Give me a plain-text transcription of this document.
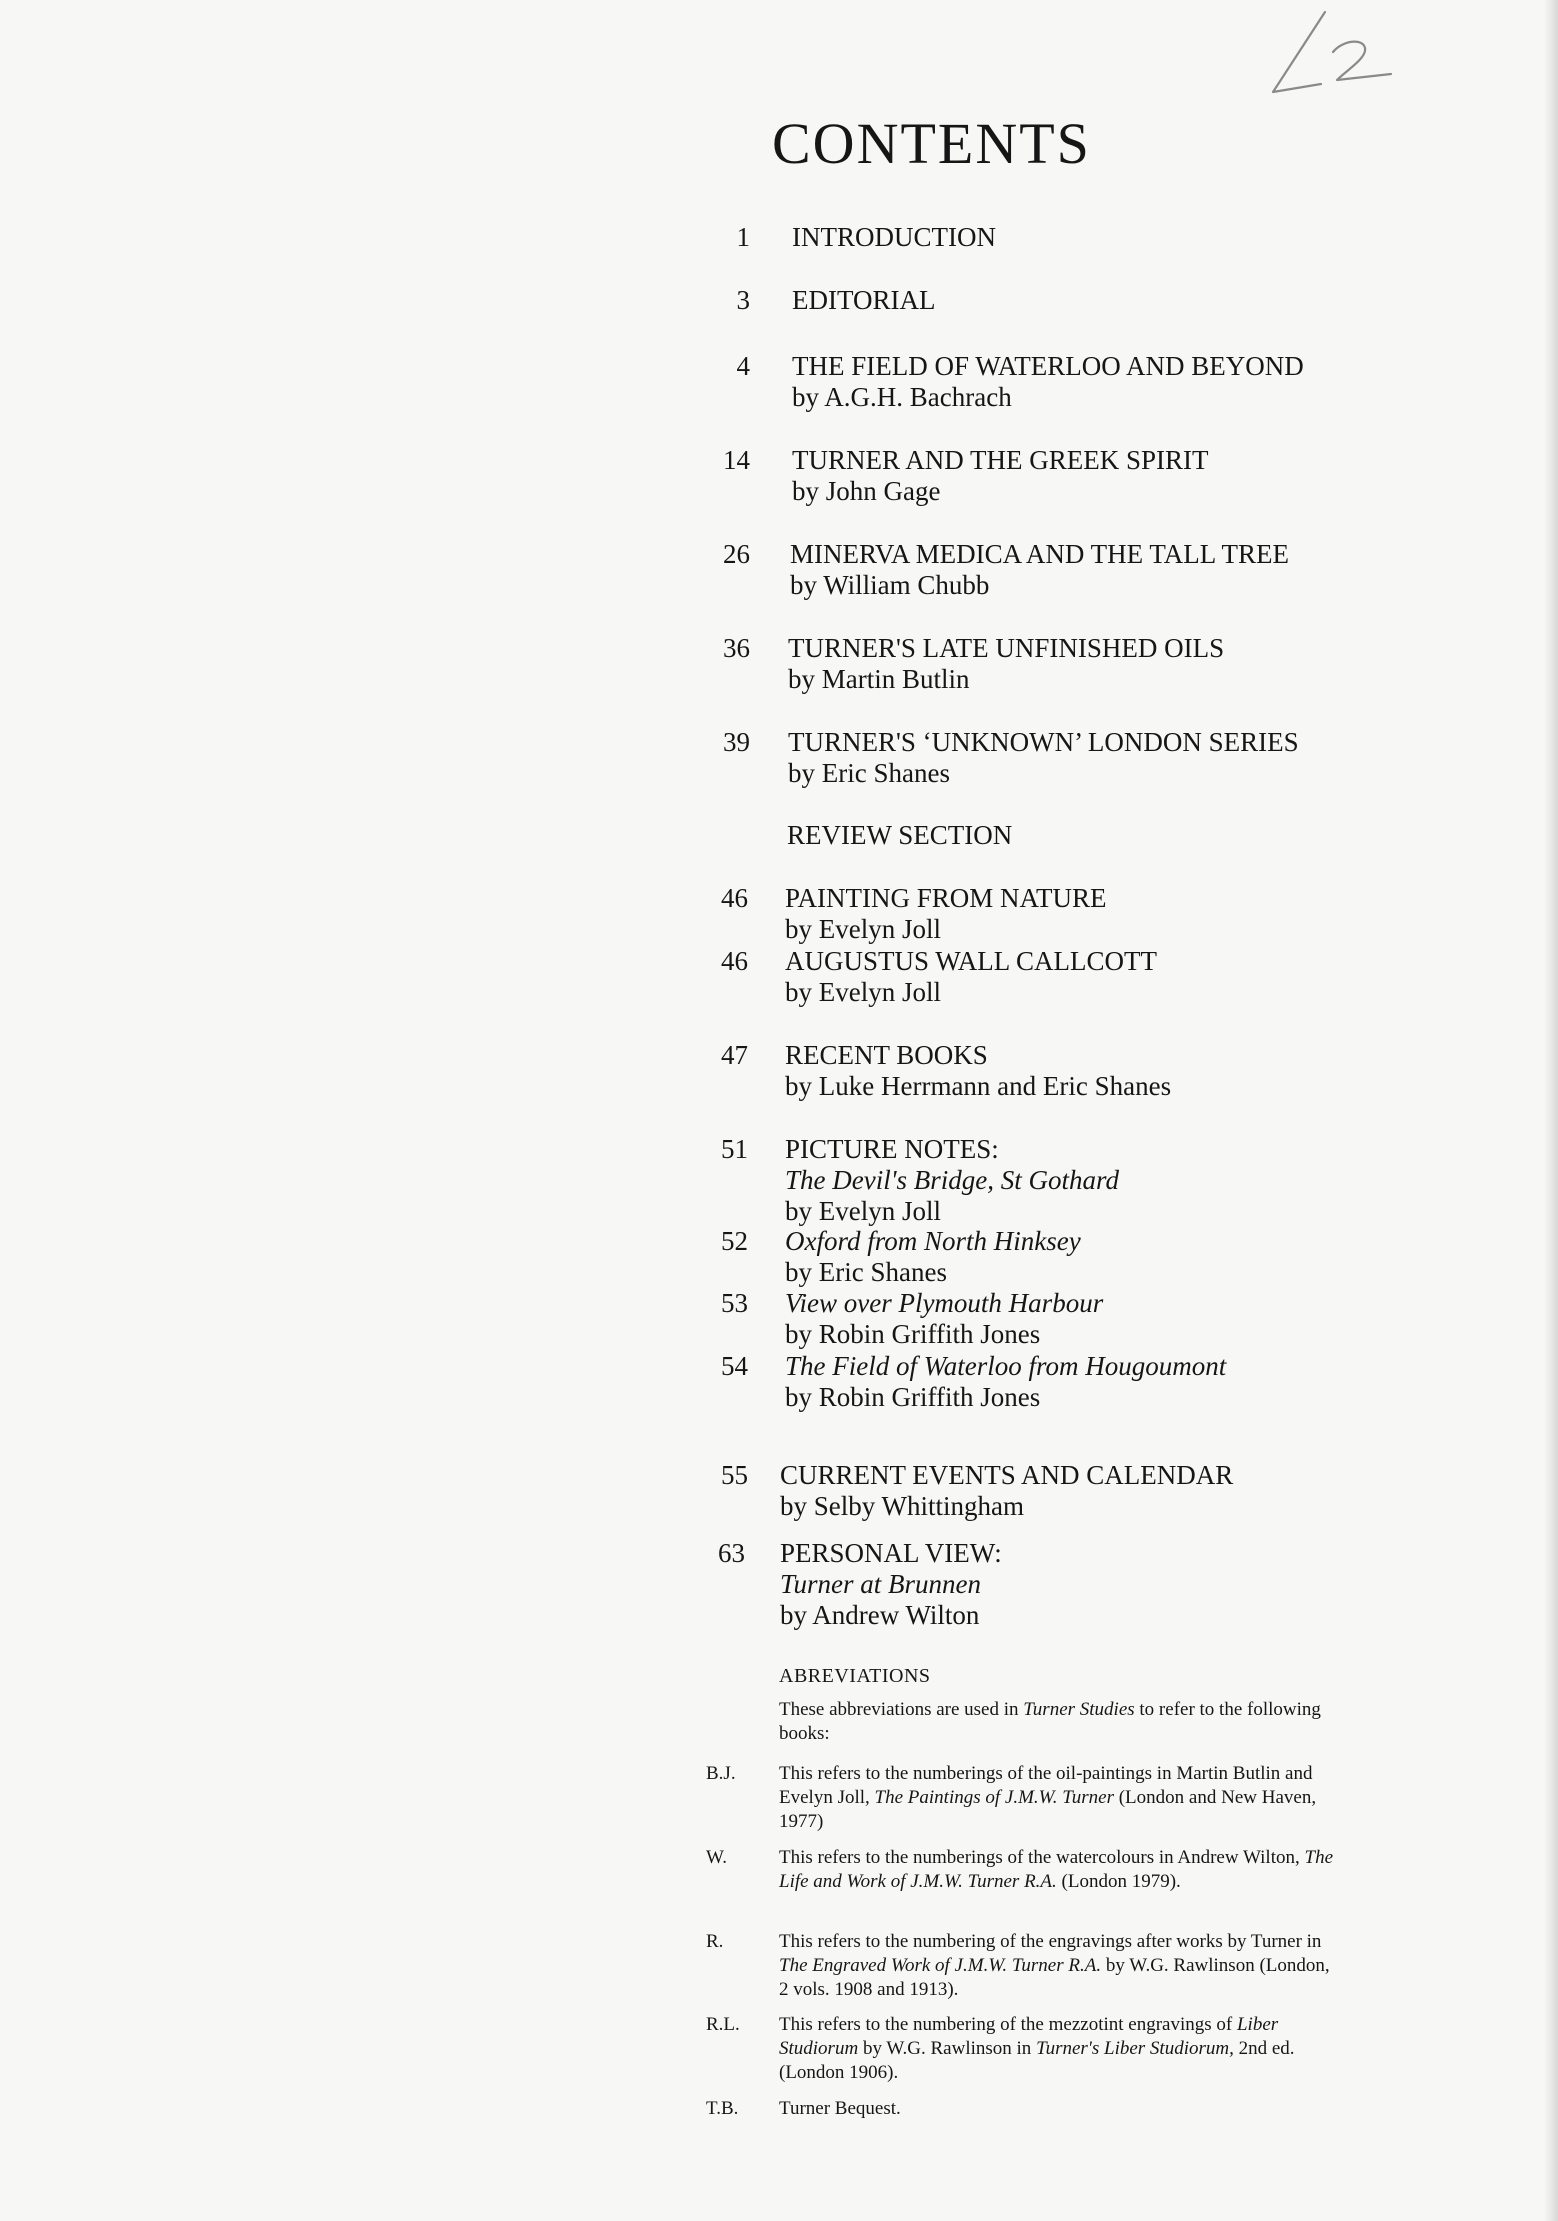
CONTENTS
1 INTRODUCTION
3 EDITORIAL
4 THE FIELD OF WATERLOO AND BEYOND
by A.G.H. Bachrach
14 TURNER AND THE GREEK SPIRIT
by John Gage
26 MINERVA MEDICA AND THE TALL TREE
by William Chubb
36 TURNER'S LATE UNFINISHED OILS
by Martin Butlin
39 TURNER'S ‘UNKNOWN’ LONDON SERIES
by Eric Shanes
REVIEW SECTION
46 PAINTING FROM NATURE
by Evelyn Joll
46 AUGUSTUS WALL CALLCOTT
by Evelyn Joll
47 RECENT BOOKS
by Luke Herrmann and Eric Shanes
51 PICTURE NOTES:
The Devil's Bridge, St Gothard
by Evelyn Joll
52 Oxford from North Hinksey
by Eric Shanes
53 View over Plymouth Harbour
by Robin Griffith Jones
54 The Field of Waterloo from Hougoumont
by Robin Griffith Jones
55 CURRENT EVENTS AND CALENDAR
by Selby Whittingham
63 PERSONAL VIEW:
Turner at Brunnen
by Andrew Wilton
ABREVIATIONS
These abbreviations are used in Turner Studies to refer to the following books:
B.J. This refers to the numberings of the oil-paintings in Martin Butlin and Evelyn Joll, The Paintings of J.M.W. Turner (London and New Haven, 1977)
W.	This refers to the numberings of the watercolours in Andrew Wilton, The Life and Work of J.M.W. Turner R.A. (London 1979).
R.	This refers to the numbering of the engravings after works by Turner in The Engraved Work of J.M.W. Turner R.A. by W.G. Rawlinson (London, 2 vols. 1908 and 1913).
R.L. This refers to the numbering of the mezzotint engravings of Liber Studiorum by W.G. Rawlinson in Turner's Liber Studiorum, 2nd ed. (London 1906).
T.B. Turner Bequest.
